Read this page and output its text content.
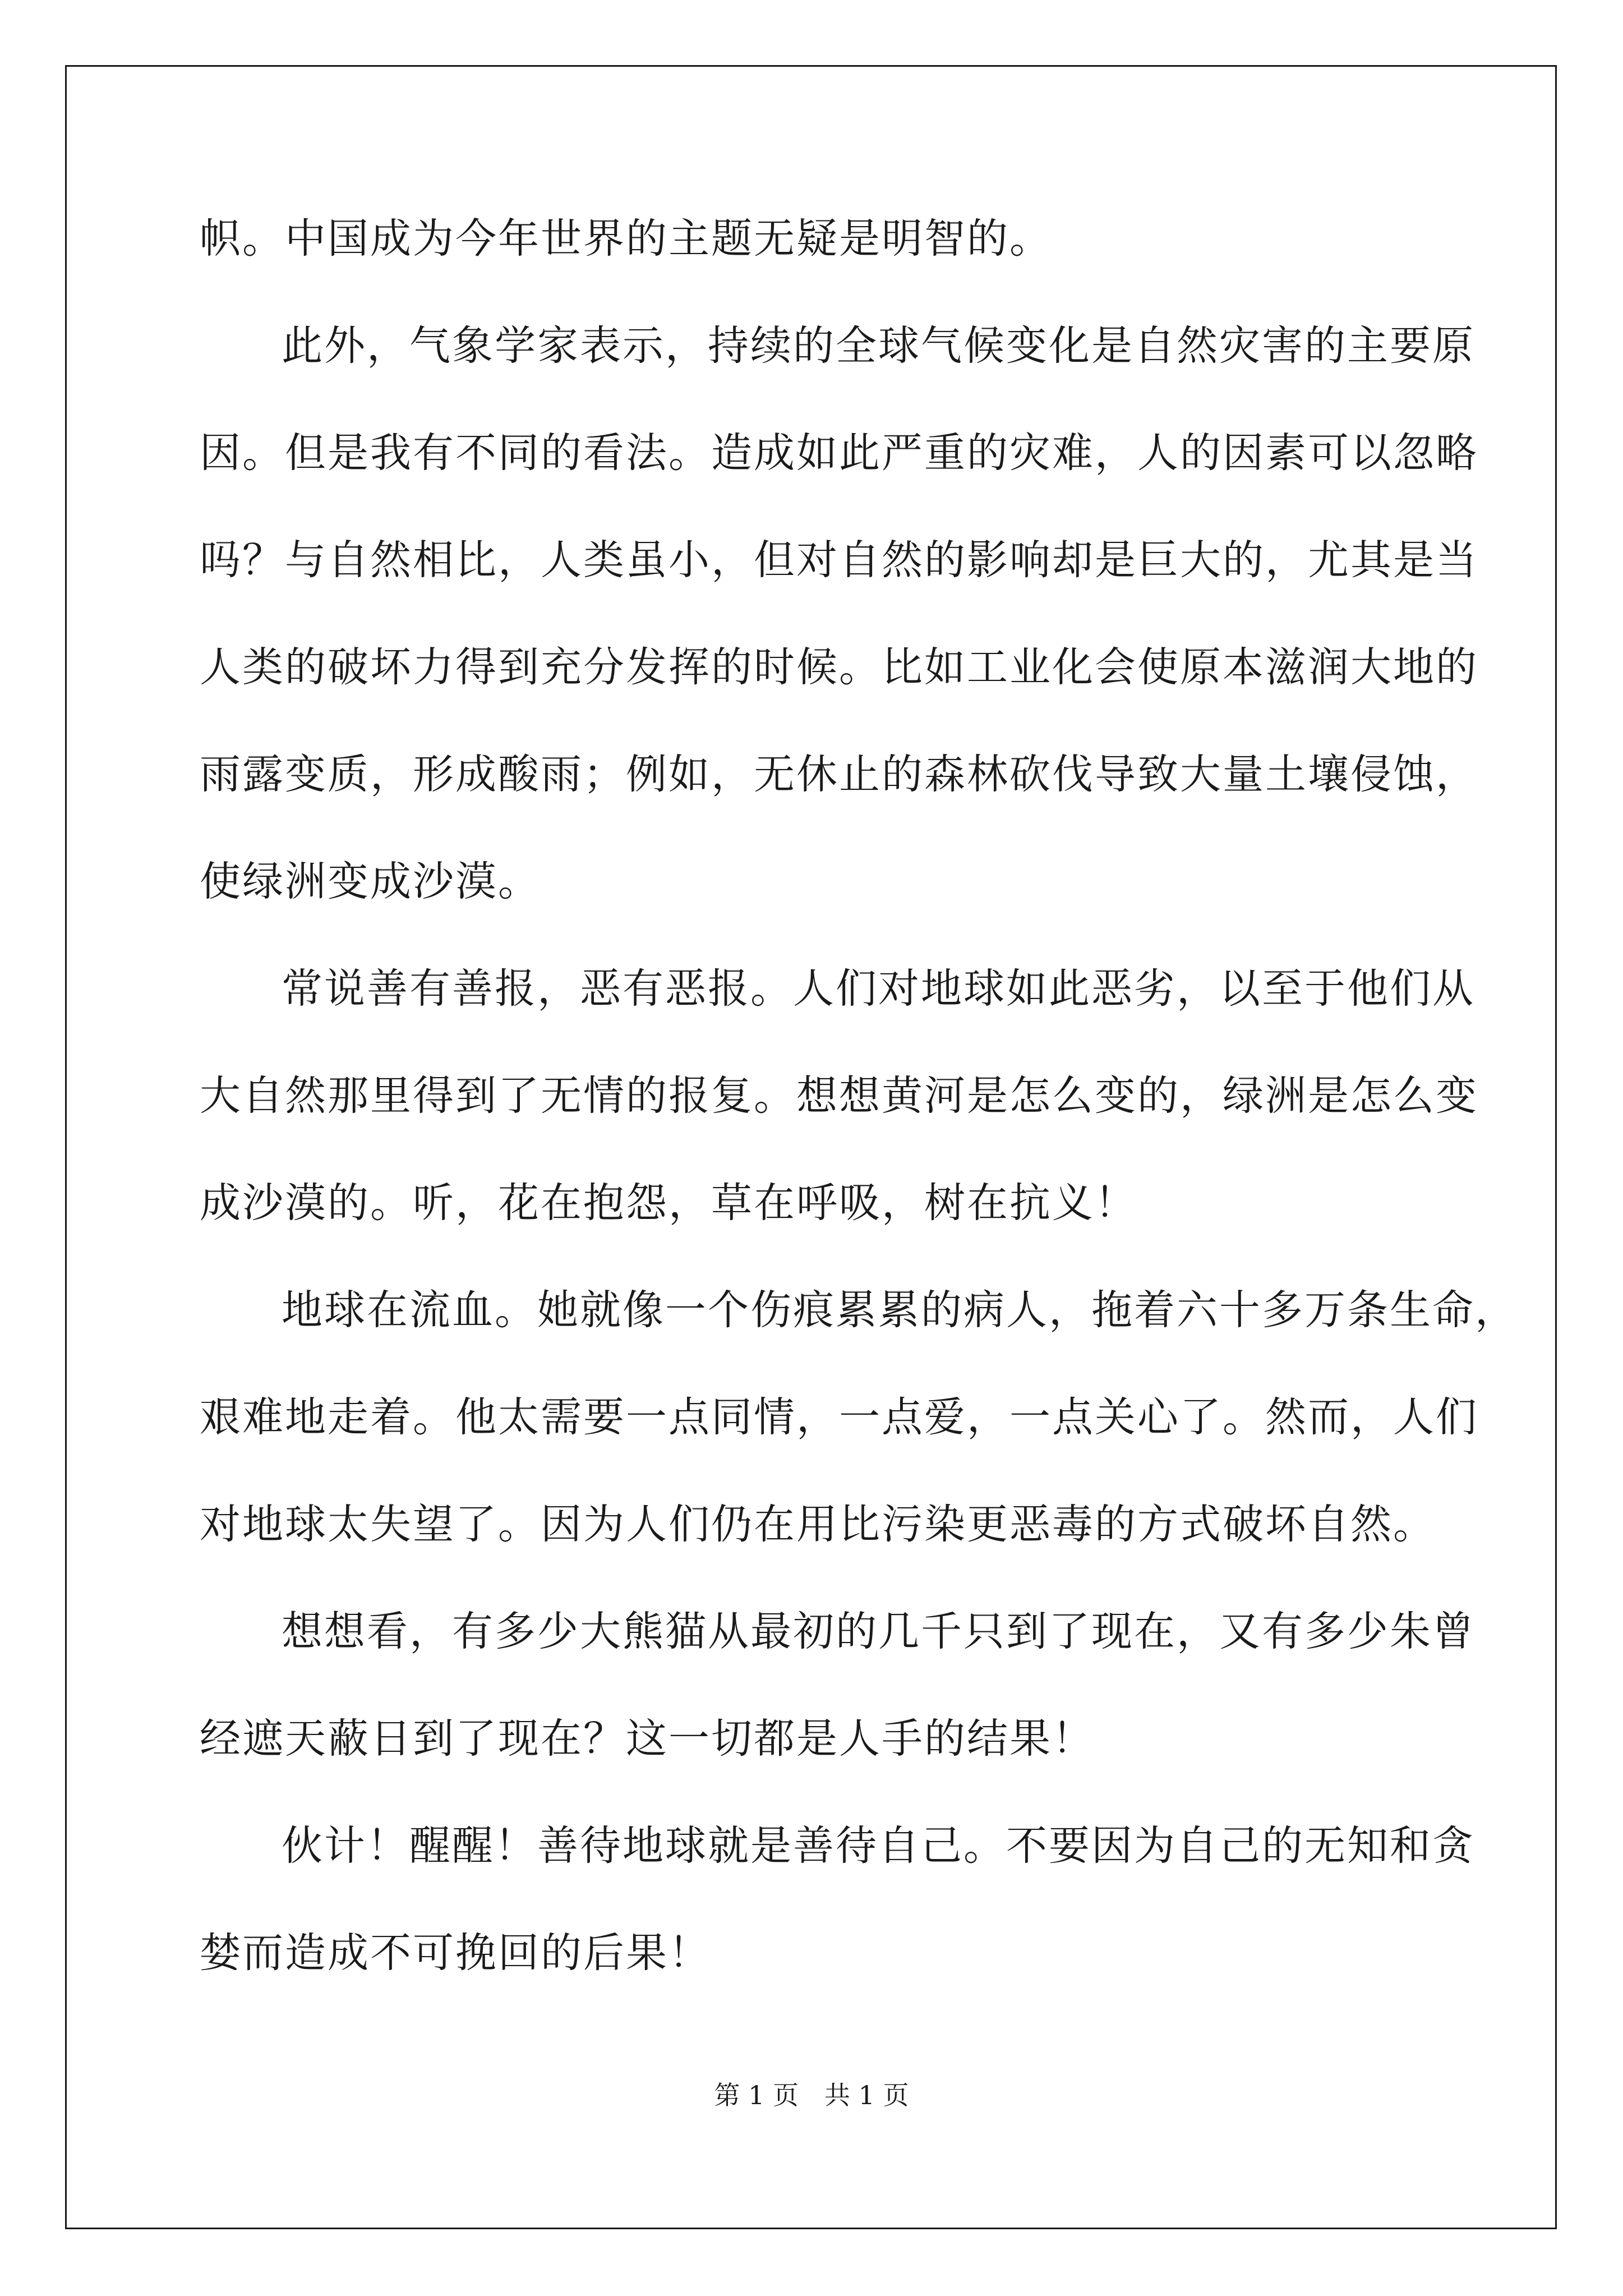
帜。中国成为今年世界的主题无疑是明智的。
此外，气象学家表示，持续的全球气候变化是自然灾害的主要原
因。但是我有不同的看法。造成如此严重的灾难，人的因素可以忽略
吗？与自然相比，人类虽小，但对自然的影响却是巨大的，尤其是当
人类的破坏力得到充分发挥的时候。比如工业化会使原本滋润大地的
雨露变质，形成酸雨；例如，无休止的森林砍伐导致大量土壤侵蚀，
使绿洲变成沙漠。
常说善有善报，恶有恶报。人们对地球如此恶劣，以至于他们从
大自然那里得到了无情的报复。想想黄河是怎么变的，绿洲是怎么变
成沙漠的。听，花在抱怨，草在呼吸，树在抗义！
地球在流血。她就像一个伤痕累累的病人，拖着六十多万条生命，
艰难地走着。他太需要一点同情，一点爱，一点关心了。然而，人们
对地球太失望了。因为人们仍在用比污染更恶毒的方式破坏自然。
想想看，有多少大熊猫从最初的几千只到了现在，又有多少朱曾
经遮天蔽日到了现在？这一切都是人手的结果！
伙计！醒醒！善待地球就是善待自己。不要因为自己的无知和贪
婪而造成不可挽回的后果！
第 1 页　共 1 页
